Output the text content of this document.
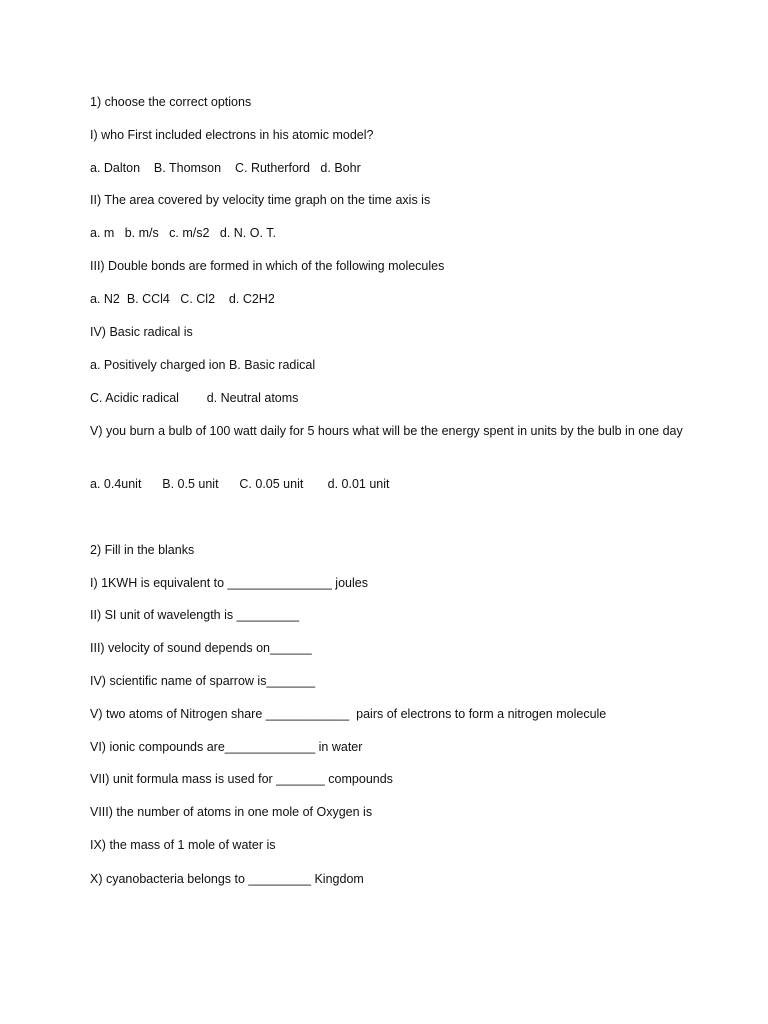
1) choose the correct options
I) who First included electrons in his atomic model?
a. Dalton    B. Thomson    C. Rutherford   d. Bohr
II) The area covered by velocity time graph on the time axis is
a. m   b. m/s   c. m/s2   d. N. O. T.
III) Double bonds are formed in which of the following molecules
a. N2  B. CCl4   C. Cl2    d. C2H2
IV) Basic radical is
a. Positively charged ion B. Basic radical
C. Acidic radical        d. Neutral atoms
V) you burn a bulb of 100 watt daily for 5 hours what will be the energy spent in units by the bulb in one day
a. 0.4unit      B. 0.5 unit      C. 0.05 unit       d. 0.01 unit
2) Fill in the blanks
I) 1KWH is equivalent to _______________ joules
II) SI unit of wavelength is _________
III) velocity of sound depends on______
IV) scientific name of sparrow is_______
V) two atoms of Nitrogen share ____________  pairs of electrons to form a nitrogen molecule
VI) ionic compounds are_____________ in water
VII) unit formula mass is used for _______ compounds
VIII) the number of atoms in one mole of Oxygen is
IX) the mass of 1 mole of water is
X) cyanobacteria belongs to _________ Kingdom
